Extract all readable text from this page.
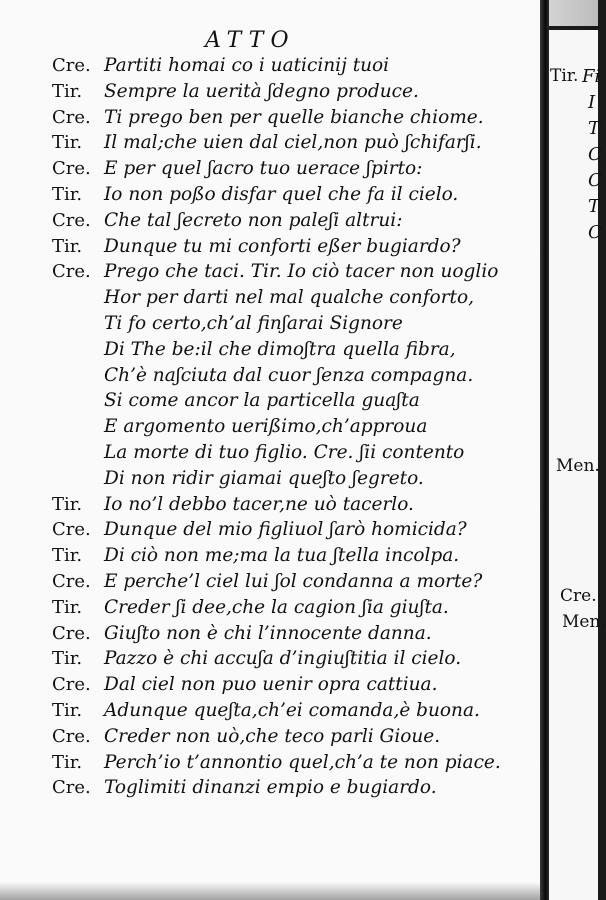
ATTO
Cre. Partiti homai co i uaticinij tuoi
Tir.	Sempre la uerità ʃdegno produce.
Cre. Ti prego ben per quelle bianche chiome.
Tir.	Il mal;che uien dal ciel,non può ʃchifarʃi.
Cre. E per quel ʃacro tuo uerace ʃpirto:
Tir.	Io non poßo disfar quel che fa il cielo.
Cre. Che tal ʃecreto non paleʃi altrui:
Tir.	Dunque tu mi conforti eßer bugiardo?
Cre. Prego che taci. Tir. Io ciò tacer non uoglio
Hor per darti nel mal qualche conforto,
Ti fo certo,ch’al finʃarai Signore
Di The be:il che dimoʃtra quella fibra,
Ch’è naʃciuta dal cuor ʃenza compagna.
Si come ancor la particella guaʃta
E argomento uerißimo,ch’approua
La morte di tuo figlio. Cre. ʃii contento
Di non ridir giamai queʃto ʃegreto.
Tir.	Io no’l debbo tacer,ne uò tacerlo.
Cre. Dunque del mio figliuol ʃarò homicida?
Tir.	Di ciò non me;ma la tua ʃtella incolpa.
Cre. E perche’l ciel lui ʃol condanna a morte?
Tir.	Creder ʃi dee,che la cagion ʃia giuʃta.
Cre. Giuʃto non è chi l’innocente danna.
Tir.	Pazzo è chi accuʃa d’ingiuʃtitia il cielo.
Cre. Dal ciel non puo uenir opra cattiua.
Tir.	Adunque queʃta,ch’ei comanda,è buona.
Cre. Creder non uò,che teco parli Gioue.
Tir.	Perch’io t’annontio quel,ch’a te non piace.
Cre. Toglimiti dinanzi empio e bugiardo.
Tir.
Men.
Cre.
Men.
Fi
I
T
C
C
T
C
